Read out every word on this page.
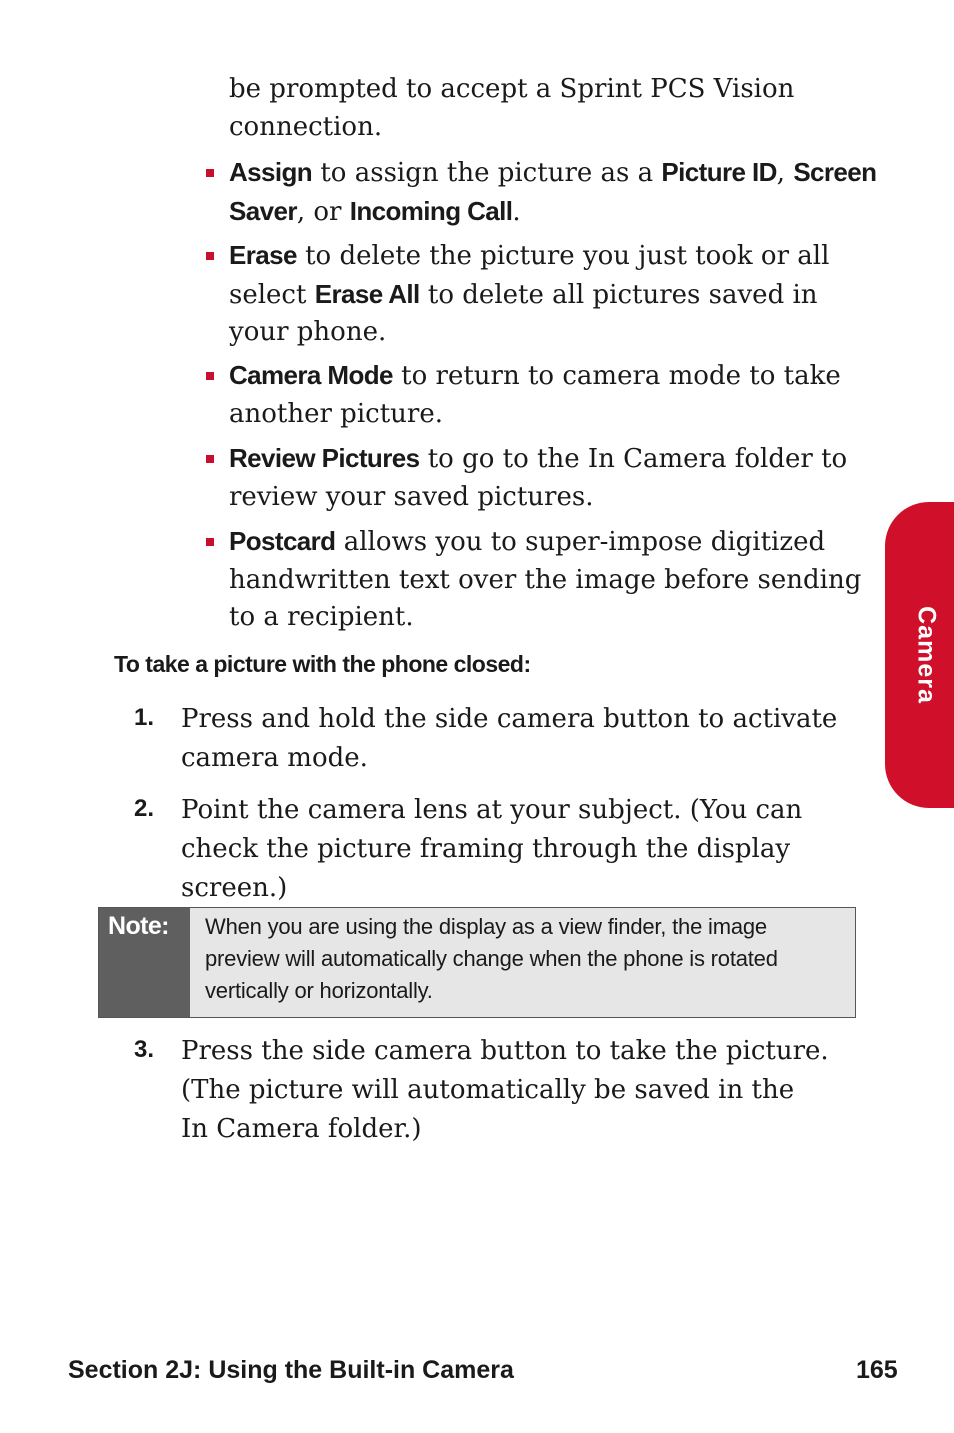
be prompted to accept a Sprint PCS Vision connection.
Assign to assign the picture as a Picture ID, Screen Saver, or Incoming Call.
Erase to delete the picture you just took or all select Erase All to delete all pictures saved in your phone.
Camera Mode to return to camera mode to take another picture.
Review Pictures to go to the In Camera folder to review your saved pictures.
Postcard allows you to super-impose digitized handwritten text over the image before sending to a recipient.
To take a picture with the phone closed:
1. Press and hold the side camera button to activate camera mode.
2. Point the camera lens at your subject. (You can check the picture framing through the display screen.)
Note: When you are using the display as a view finder, the image preview will automatically change when the phone is rotated vertically or horizontally.
3. Press the side camera button to take the picture.
(The picture will automatically be saved in the
In Camera folder.)
Camera
Section 2J: Using the Built-in Camera	165
